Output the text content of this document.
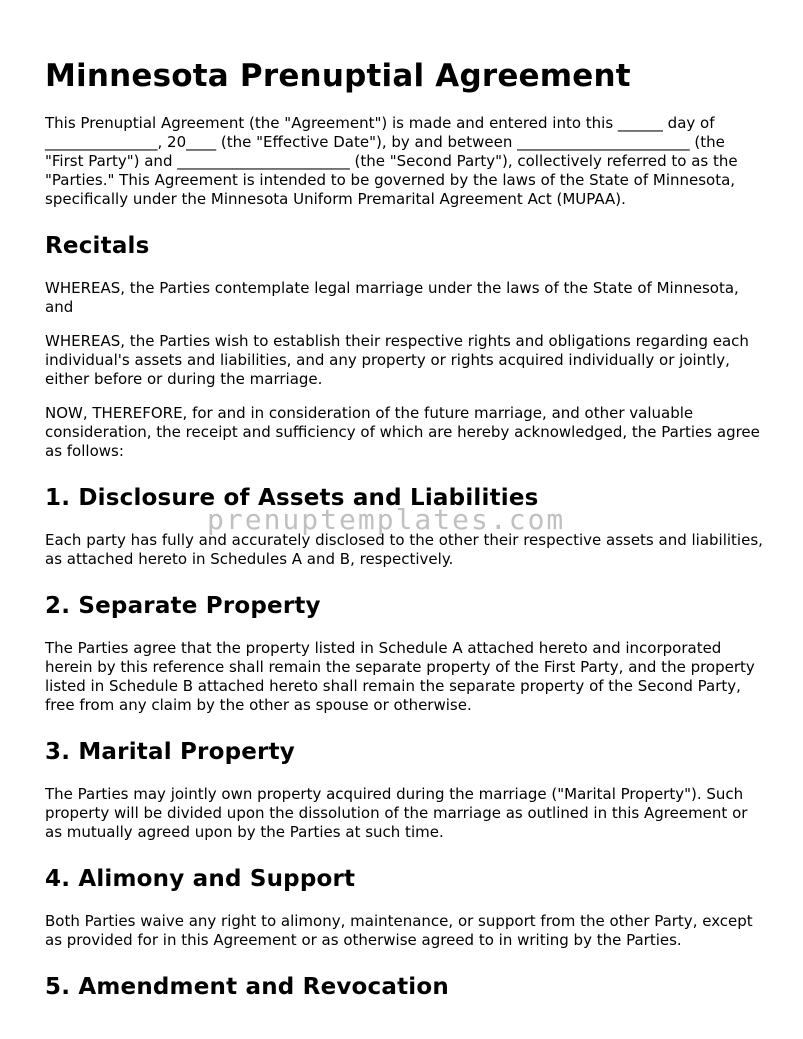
Minnesota Prenuptial Agreement

This Prenuptial Agreement (the "Agreement") is made and entered into this ______ day of _______________, 20____ (the "Effective Date"), by and between _______________________ (the "First Party") and _______________________ (the "Second Party"), collectively referred to as the "Parties." This Agreement is intended to be governed by the laws of the State of Minnesota, specifically under the Minnesota Uniform Premarital Agreement Act (MUPAA).

Recitals

WHEREAS, the Parties contemplate legal marriage under the laws of the State of Minnesota, and

WHEREAS, the Parties wish to establish their respective rights and obligations regarding each individual's assets and liabilities, and any property or rights acquired individually or jointly, either before or during the marriage.

NOW, THEREFORE, for and in consideration of the future marriage, and other valuable consideration, the receipt and sufficiency of which are hereby acknowledged, the Parties agree as follows:

1. Disclosure of Assets and Liabilities

Each party has fully and accurately disclosed to the other their respective assets and liabilities, as attached hereto in Schedules A and B, respectively.

2. Separate Property

The Parties agree that the property listed in Schedule A attached hereto and incorporated herein by this reference shall remain the separate property of the First Party, and the property listed in Schedule B attached hereto shall remain the separate property of the Second Party, free from any claim by the other as spouse or otherwise.

3. Marital Property

The Parties may jointly own property acquired during the marriage ("Marital Property"). Such property will be divided upon the dissolution of the marriage as outlined in this Agreement or as mutually agreed upon by the Parties at such time.

4. Alimony and Support

Both Parties waive any right to alimony, maintenance, or support from the other Party, except as provided for in this Agreement or as otherwise agreed to in writing by the Parties.

5. Amendment and Revocation
prenuptemplates.com
